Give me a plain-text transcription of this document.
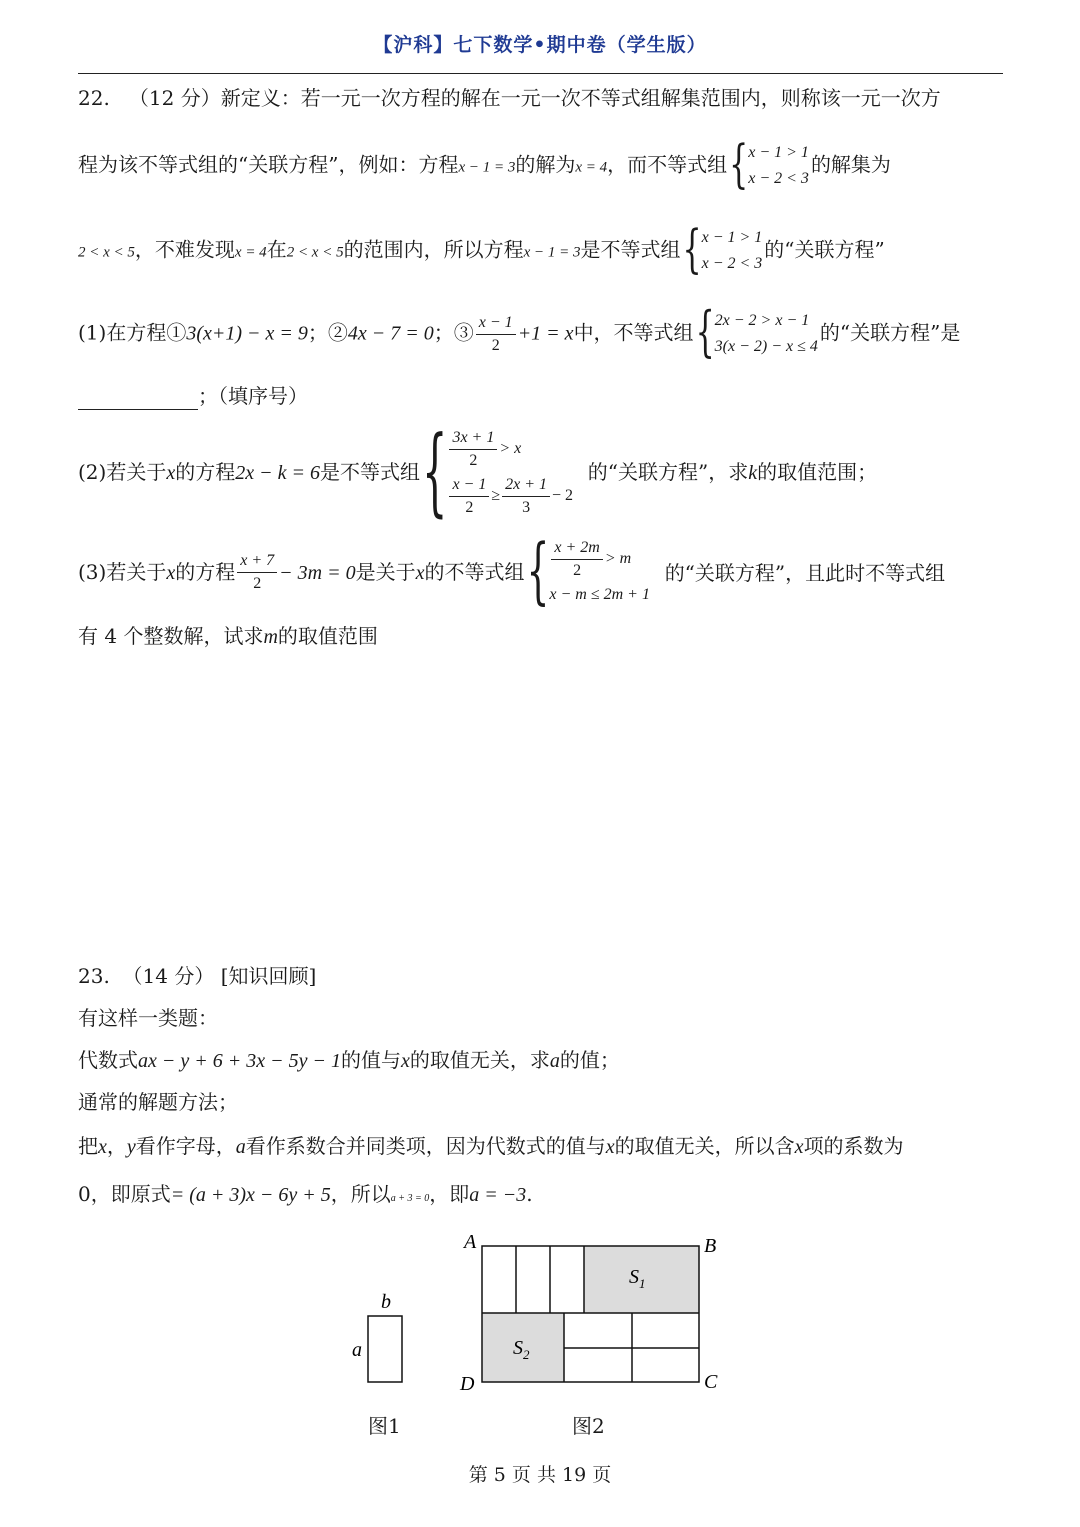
【沪科】七下数学•期中卷（学生版）
22. （12 分）新定义：若一元一次方程的解在一元一次不等式组解集范围内，则称该一元一次方
程为该不等式组的“关联方程”，例如：方程x − 1 = 3的解为x = 4，而不等式组 { x − 1 > 1
x − 2 < 3
的解集为
2 < x < 5，不难发现x = 4在2 < x < 5的范围内，所以方程x − 1 = 3是不等式组 { x − 1 > 1
x − 2 < 3
的“关联方程”
(1)在方程①3(x+1) − x = 9；②4x − 7 = 0；③ $\frac{x - 1}{2} +1 = x$中，不等式组 { 2x − 2 > x − 1
3(x − 2) − x ≤ 4
的“关联方程”是
；（填序号）
(2)若关于x的方程2x − k = 6是不等式组 { $\frac{3x + 1}{2} > x$
$\frac{x - 1}{2} \ge \frac{2x + 1}{3} - 2$
的“关联方程”，求k的取值范围；
(3)若关于x的方程 $\frac{x + 7}{2} - 3m = 0$是关于x的不等式组 { $\frac{x + 2m}{2} > m$
x − m ≤ 2m + 1
的“关联方程”，且此时不等式组
有 4 个整数解，试求m的取值范围
23. （14 分） [知识回顾]
有这样一类题：
代数式ax − y + 6 + 3x − 5y − 1的值与x的取值无关，求a的值；
通常的解题方法；
把x，y看作字母，a看作系数合并同类项，因为代数式的值与x的取值无关，所以含x项的系数为
0，即原式= (a + 3)x − 6y + 5，所以a + 3 = 0，即a = −3.
b
a
A	B
C
D
$S_1$
$S_2$
图1	图2
第 5 页 共 19 页
